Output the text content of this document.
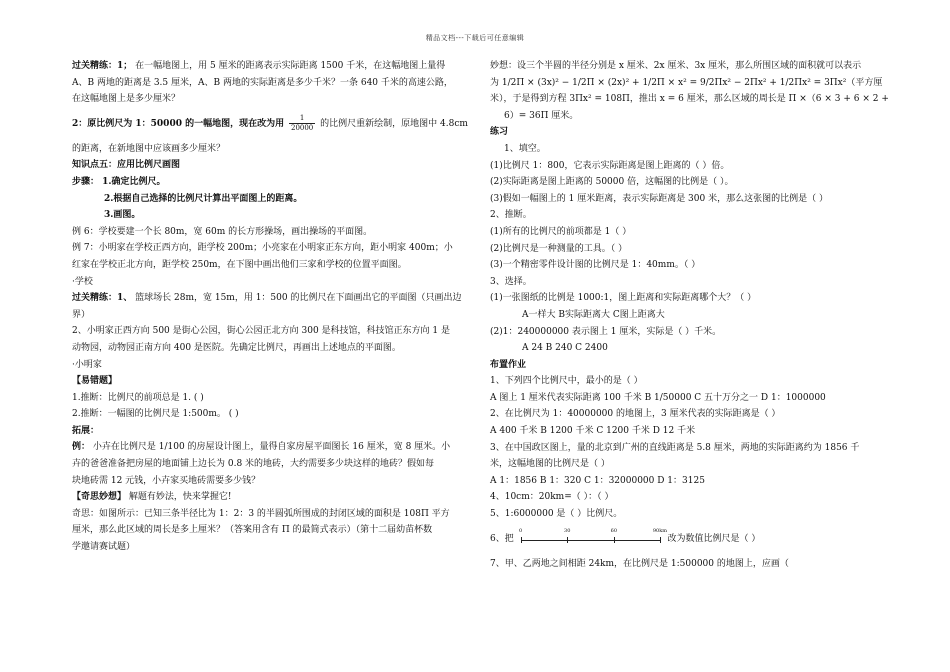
精品文档---下载后可任意编辑
过关精练：1； 在一幅地图上，用 5 厘米的距离表示实际距离 1500 千米，在这幅地图上量得
A、B 两地的距离是 3.5 厘米，A、B 两地的实际距离是多少千米？一条 640 千米的高速公路，
在这幅地图上是多少厘米？
2：原比例尺为 1：50000 的一幅地图，现在改为用 $\frac{1}{20000}$ 的比例尺重新绘制，原地图中 4.8cm
的距离，在新地图中应该画多少厘米？
知识点五：应用比例尺画图
步骤： 1.确定比例尺。
2.根据自己选择的比例尺计算出平面图上的距离。
3.画图。
例 6：学校要建一个长 80m，宽 60m 的长方形操场，画出操场的平面图。
例 7：小明家在学校正西方向，距学校 200m；小亮家在小明家正东方向，距小明家 400m；小
红家在学校正北方向，距学校 250m，在下图中画出他们三家和学校的位置平面图。
·学校
过关精练：1、 篮球场长 28m，宽 15m，用 1：500 的比例尺在下面画出它的平面图（只画出边
界）
2、小明家正西方向 500 是街心公园，街心公园正北方向 300 是科技馆，科技馆正东方向 1 是
动物园，动物园正南方向 400 是医院。先确定比例尺，再画出上述地点的平面图。
·小明家
【易错题】
1.推断：比例尺的前项总是 1. ( )
2.推断：一幅图的比例尺是 1:500m。 ( )
拓展：
例： 小卉在比例尺是 1/100 的房屋设计图上，量得自家房屋平面图长 16 厘米，宽 8 厘米。小
卉的爸爸准备把房屋的地面铺上边长为 0.8 米的地砖，大约需要多少块这样的地砖？假如每
块地砖需 12 元钱，小卉家买地砖需要多少钱？
【奇思妙想】 解题有妙法，快来掌握它!
奇思：如图所示：已知三条半径比为 1：2：3 的半圆弧所围成的封闭区域的面积是 108Π 平方
厘米，那么此区域的周长是多上厘米？（答案用含有 Π 的最简式表示）（第十二届幼苗杯数
学邀请赛试题）
妙想：设三个半圆的半径分别是 x 厘米、2x 厘米、3x 厘米，那么所围区域的面积就可以表示
为 1/2Π × (3x)² − 1/2Π × (2x)² + 1/2Π × x² = 9/2Πx² − 2Πx² + 1/2Πx² = 3Πx²（平方厘
米），于是得到方程 3Πx² = 108Π，推出 x = 6 厘米，那么区域的周长是 Π ×（6 × 3 + 6 × 2 +
6）= 36Π 厘米。
练习
1、填空。
(1)比例尺 1：800，它表示实际距离是图上距离的（ ）倍。
(2)实际距离是图上距离的 50000 倍，这幅图的比例是（ ）。
(3)假如一幅图上的 1 厘米距离，表示实际距离是 300 米，那么这张图的比例是（ ）
2、推断。
(1)所有的比例尺的前项都是 1（ ）
(2)比例尺是一种测量的工具。（ ）
(3)一个精密零件设计图的比例尺是 1：40mm。（ ）
3、选择。
(1)一张图纸的比例是 1000:1，图上距离和实际距离哪个大？（ ）
A一样大 B实际距离大 C图上距离大
(2)1：240000000 表示图上 1 厘米，实际是（ ）千米。
A 24 B 240 C 2400
布置作业
1、下列四个比例尺中，最小的是（ ）
A 图上 1 厘米代表实际距离 100 千米 B 1/50000 C 五十万分之一 D 1：1000000
2、在比例尺为 1：40000000 的地图上，3 厘米代表的实际距离是（ ）
A 400 千米 B 1200 千米 C 1200 千米 D 12 千米
3、在中国政区图上，量的北京到广州的直线距离是 5.8 厘米，两地的实际距离约为 1856 千
米，这幅地图的比例尺是（ ）
A 1：1856 B 1：320 C 1：32000000 D 1：3125
4、10cm：20km=（ ）：（ ）
5、1:6000000 是（ ）比例尺。
6、把
0	30	60	90km
改为数值比例尺是（ ）
7、甲、乙两地之间相距 24km，在比例尺是 1:500000 的地图上，应画（
